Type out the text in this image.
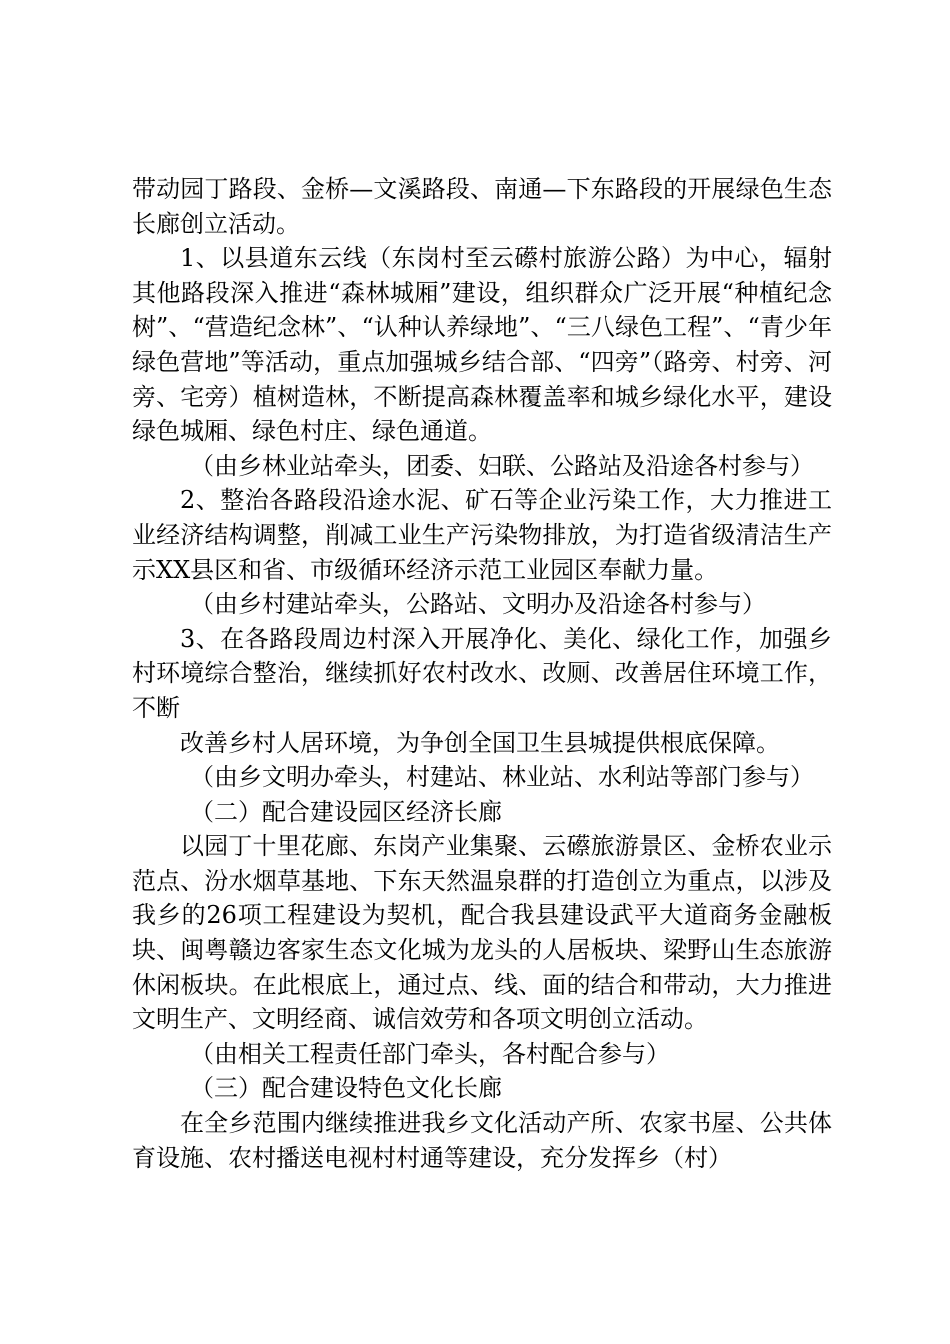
带动园丁路段、金桥—文溪路段、南通—下东路段的开展绿色生态长廊创立活动。

1、以县道东云线（东岗村至云礤村旅游公路）为中心，辐射其他路段深入推进“森林城厢”建设，组织群众广泛开展“种植纪念树”、“营造纪念林”、“认种认养绿地”、“三八绿色工程”、“青少年绿色营地”等活动，重点加强城乡结合部、“四旁”（路旁、村旁、河旁、宅旁）植树造林，不断提高森林覆盖率和城乡绿化水平，建设绿色城厢、绿色村庄、绿色通道。

（由乡林业站牵头，团委、妇联、公路站及沿途各村参与）

2、整治各路段沿途水泥、矿石等企业污染工作，大力推进工业经济结构调整，削减工业生产污染物排放，为打造省级清洁生产示XX县区和省、市级循环经济示范工业园区奉献力量。

（由乡村建站牵头，公路站、文明办及沿途各村参与）

3、在各路段周边村深入开展净化、美化、绿化工作，加强乡村环境综合整治，继续抓好农村改水、改厕、改善居住环境工作，不断

改善乡村人居环境，为争创全国卫生县城提供根底保障。

（由乡文明办牵头，村建站、林业站、水利站等部门参与）

（二）配合建设园区经济长廊

以园丁十里花廊、东岗产业集聚、云礤旅游景区、金桥农业示范点、汾水烟草基地、下东天然温泉群的打造创立为重点，以涉及我乡的26项工程建设为契机，配合我县建设武平大道商务金融板块、闽粤赣边客家生态文化城为龙头的人居板块、梁野山生态旅游休闲板块。在此根底上，通过点、线、面的结合和带动，大力推进文明生产、文明经商、诚信效劳和各项文明创立活动。

（由相关工程责任部门牵头，各村配合参与）

（三）配合建设特色文化长廊

在全乡范围内继续推进我乡文化活动产所、农家书屋、公共体育设施、农村播送电视村村通等建设，充分发挥乡（村）
